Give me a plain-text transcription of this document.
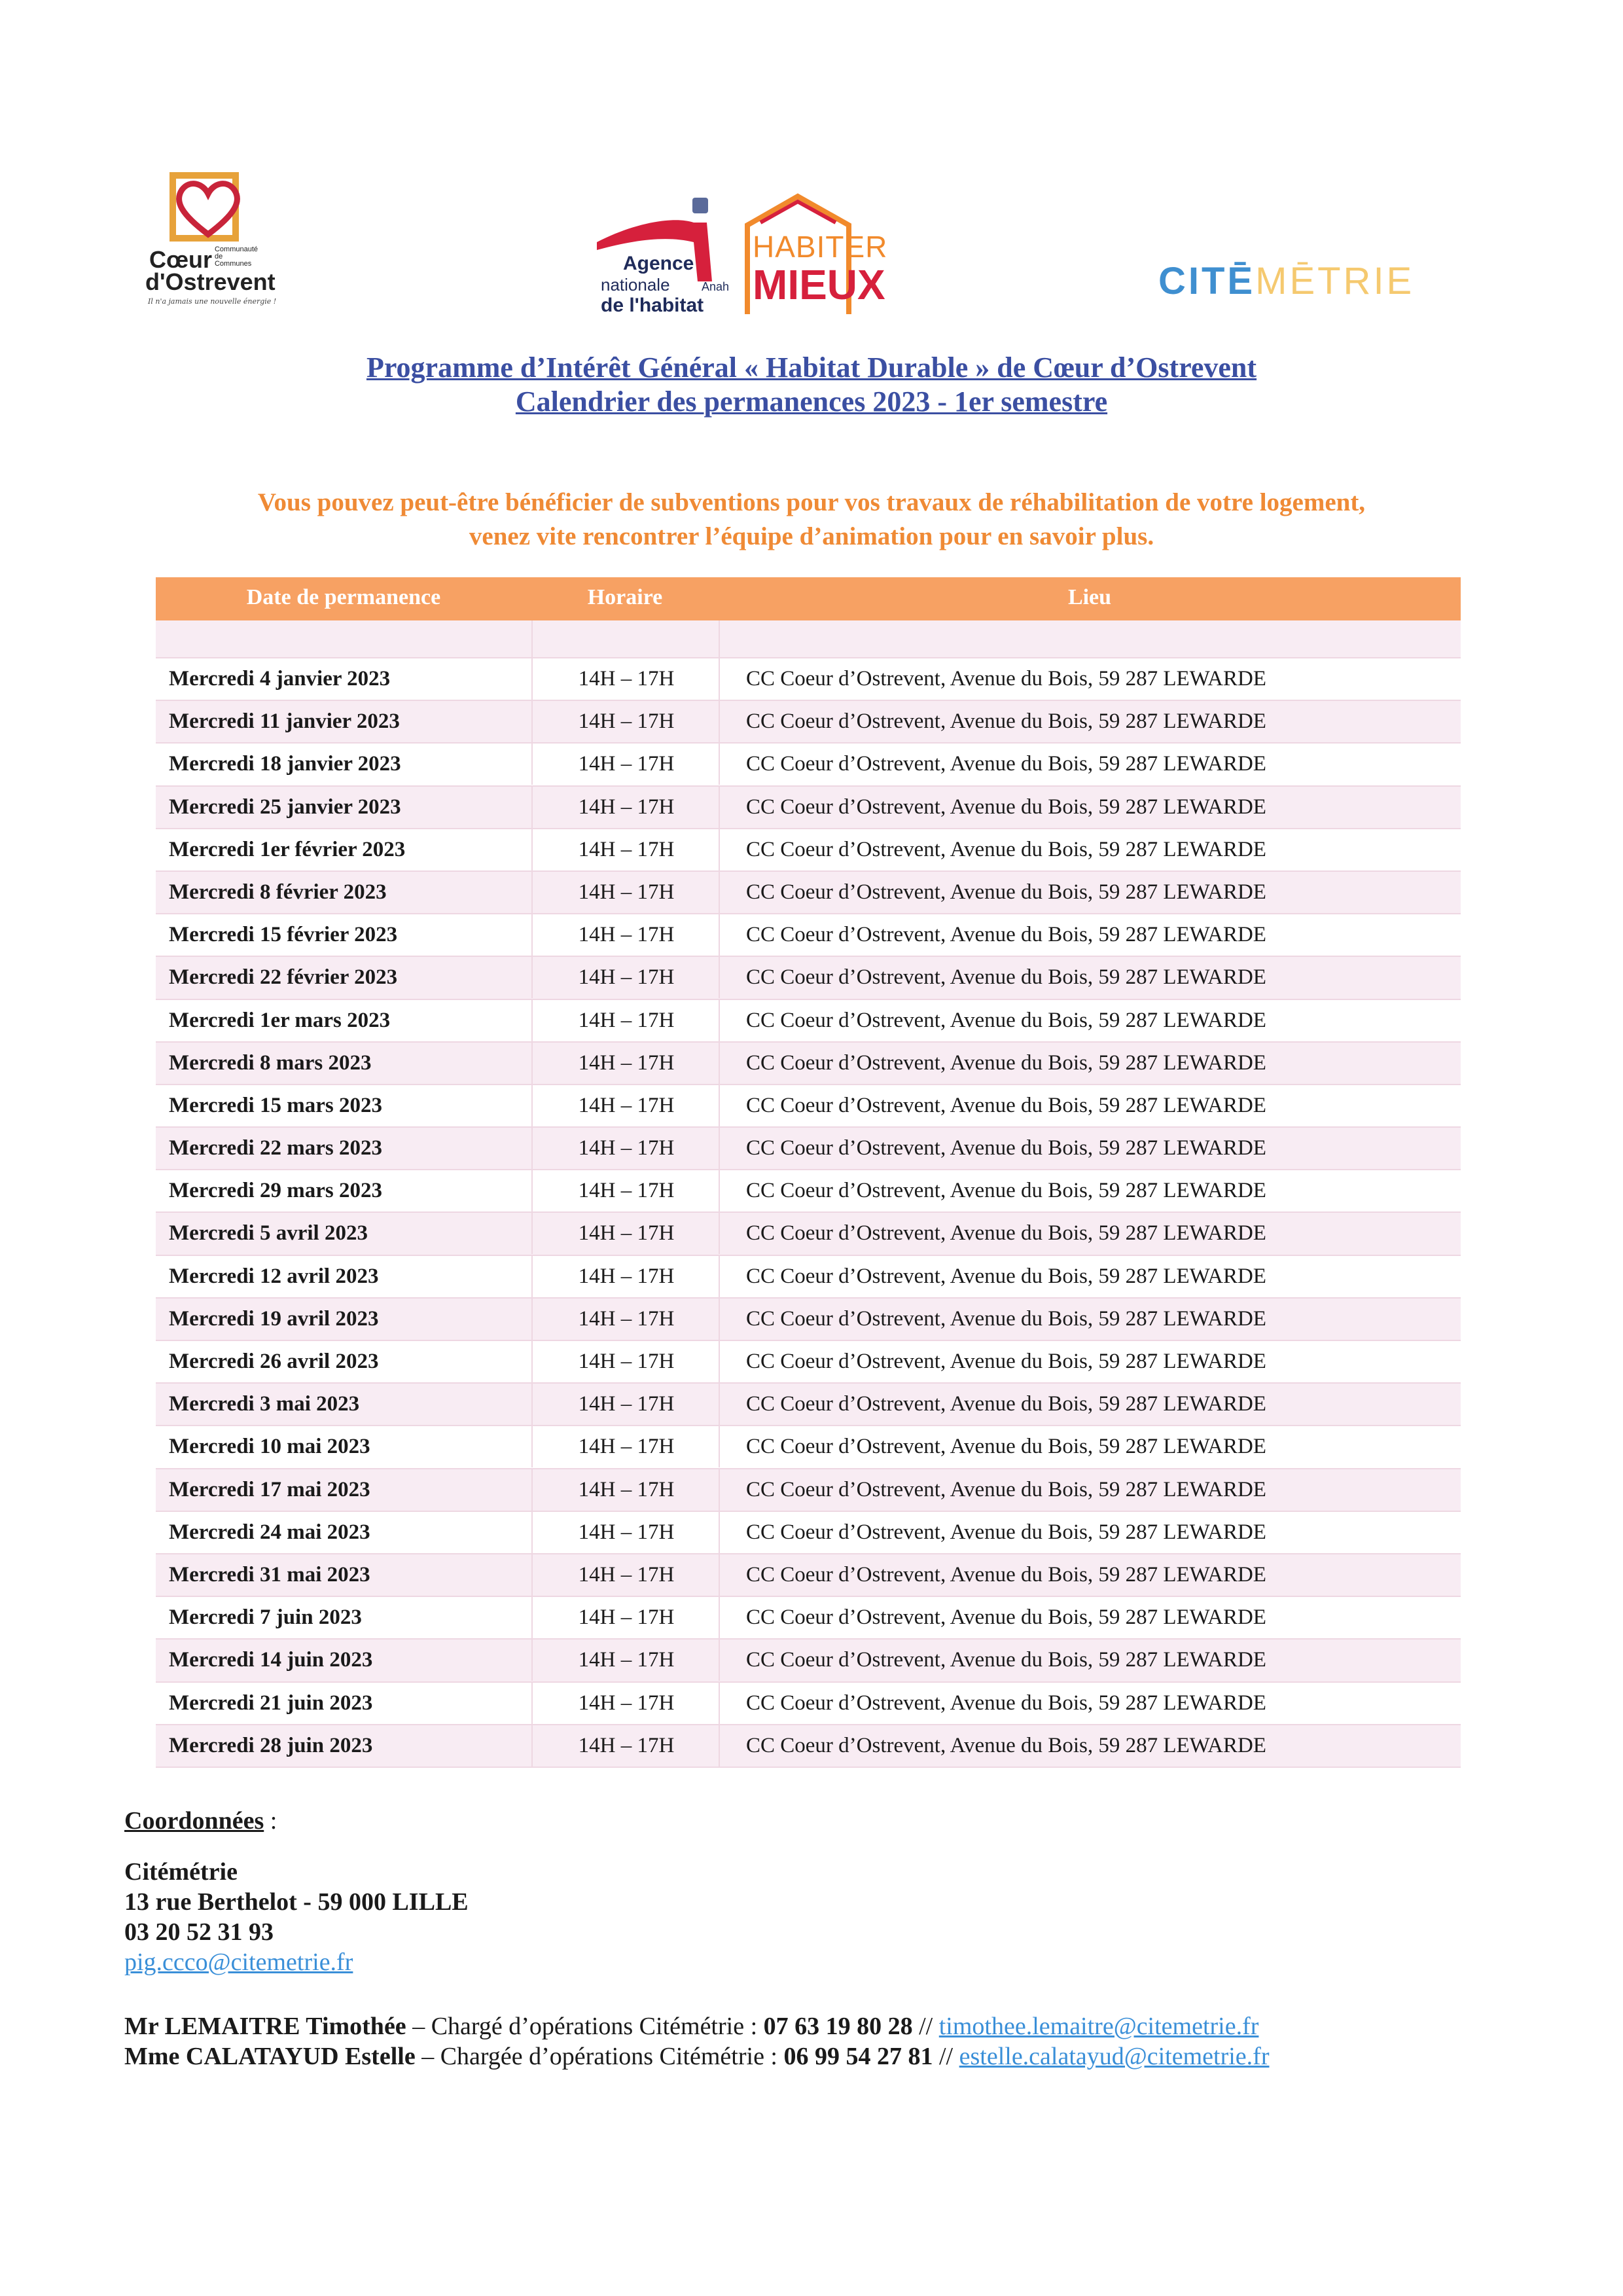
Cœur Communauté de Communes
d'Ostrevent
Il n'a jamais une nouvelle énergie !
Agence
nationale
de l'habitat
Anah
HABITER
MIEUX	CITĒMĒTRIE
Programme d’Intérêt Général « Habitat Durable » de Cœur d’Ostrevent
Calendrier des permanences 2023 - 1er semestre
Vous pouvez peut-être bénéficier de subventions pour vos travaux de réhabilitation de votre logement,
venez vite rencontrer l’équipe d’animation pour en savoir plus.
Date de permanence	Horaire	Lieu
Mercredi 4 janvier 2023	14H – 17H	CC Coeur d’Ostrevent, Avenue du Bois, 59 287 LEWARDE
Mercredi 11 janvier 2023	14H – 17H	CC Coeur d’Ostrevent, Avenue du Bois, 59 287 LEWARDE
Mercredi 18 janvier 2023	14H – 17H	CC Coeur d’Ostrevent, Avenue du Bois, 59 287 LEWARDE
Mercredi 25 janvier 2023	14H – 17H	CC Coeur d’Ostrevent, Avenue du Bois, 59 287 LEWARDE
Mercredi 1er février 2023	14H – 17H	CC Coeur d’Ostrevent, Avenue du Bois, 59 287 LEWARDE
Mercredi 8 février 2023	14H – 17H	CC Coeur d’Ostrevent, Avenue du Bois, 59 287 LEWARDE
Mercredi 15 février 2023	14H – 17H	CC Coeur d’Ostrevent, Avenue du Bois, 59 287 LEWARDE
Mercredi 22 février 2023	14H – 17H	CC Coeur d’Ostrevent, Avenue du Bois, 59 287 LEWARDE
Mercredi 1er mars 2023	14H – 17H	CC Coeur d’Ostrevent, Avenue du Bois, 59 287 LEWARDE
Mercredi 8 mars 2023	14H – 17H	CC Coeur d’Ostrevent, Avenue du Bois, 59 287 LEWARDE
Mercredi 15 mars 2023	14H – 17H	CC Coeur d’Ostrevent, Avenue du Bois, 59 287 LEWARDE
Mercredi 22 mars 2023	14H – 17H	CC Coeur d’Ostrevent, Avenue du Bois, 59 287 LEWARDE
Mercredi 29 mars 2023	14H – 17H	CC Coeur d’Ostrevent, Avenue du Bois, 59 287 LEWARDE
Mercredi 5 avril 2023	14H – 17H	CC Coeur d’Ostrevent, Avenue du Bois, 59 287 LEWARDE
Mercredi 12 avril 2023	14H – 17H	CC Coeur d’Ostrevent, Avenue du Bois, 59 287 LEWARDE
Mercredi 19 avril 2023	14H – 17H	CC Coeur d’Ostrevent, Avenue du Bois, 59 287 LEWARDE
Mercredi 26 avril 2023	14H – 17H	CC Coeur d’Ostrevent, Avenue du Bois, 59 287 LEWARDE
Mercredi 3 mai 2023	14H – 17H	CC Coeur d’Ostrevent, Avenue du Bois, 59 287 LEWARDE
Mercredi 10 mai 2023	14H – 17H	CC Coeur d’Ostrevent, Avenue du Bois, 59 287 LEWARDE
Mercredi 17 mai 2023	14H – 17H	CC Coeur d’Ostrevent, Avenue du Bois, 59 287 LEWARDE
Mercredi 24 mai 2023	14H – 17H	CC Coeur d’Ostrevent, Avenue du Bois, 59 287 LEWARDE
Mercredi 31 mai 2023	14H – 17H	CC Coeur d’Ostrevent, Avenue du Bois, 59 287 LEWARDE
Mercredi 7 juin 2023	14H – 17H	CC Coeur d’Ostrevent, Avenue du Bois, 59 287 LEWARDE
Mercredi 14 juin 2023	14H – 17H	CC Coeur d’Ostrevent, Avenue du Bois, 59 287 LEWARDE
Mercredi 21 juin 2023	14H – 17H	CC Coeur d’Ostrevent, Avenue du Bois, 59 287 LEWARDE
Mercredi 28 juin 2023	14H – 17H	CC Coeur d’Ostrevent, Avenue du Bois, 59 287 LEWARDE
Coordonnées :
Citémétrie
13 rue Berthelot - 59 000 LILLE
03 20 52 31 93
pig.ccco@citemetrie.fr
Mr LEMAITRE Timothée – Chargé d’opérations Citémétrie : 07 63 19 80 28 // timothee.lemaitre@citemetrie.fr
Mme CALATAYUD Estelle – Chargée d’opérations Citémétrie : 06 99 54 27 81 // estelle.calatayud@citemetrie.fr
